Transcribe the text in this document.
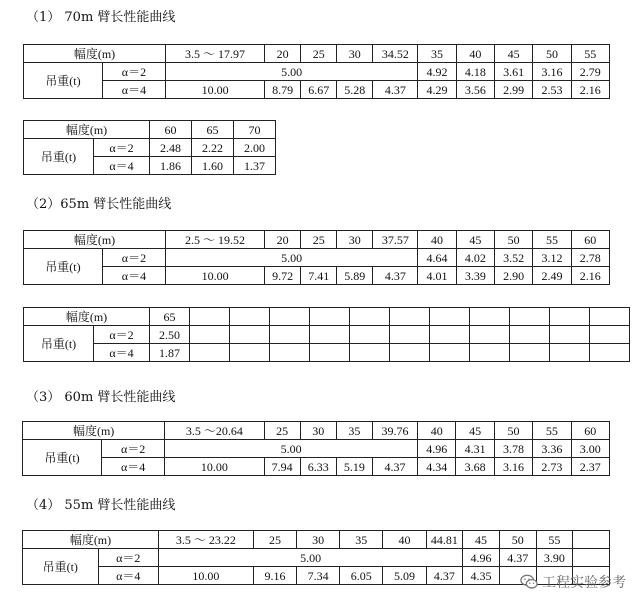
（1） 70m 臂长性能曲线
（2）65m 臂长性能曲线
（3） 60m 臂长性能曲线
（4） 55m 臂长性能曲线
幅度(m)		3.5 ～ 17.97	20	25	30	34.52	35	40	45	50	55
吊重(t)	α＝2	5.00					4.92	4.18	3.61	3.16	2.79
	α＝4	10.00	8.79	6.67	5.28	4.37	4.29	3.56	2.99	2.53	2.16
幅度(m)		60	65	70
吊重(t)	α＝2	2.48	2.22	2.00
	α＝4	1.86	1.60	1.37
幅度(m)		2.5 ～ 19.52	20	25	30	37.57	40	45	50	55	60
吊重(t)	α＝2	5.00					4.64	4.02	3.52	3.12	2.78
	α＝4	10.00	9.72	7.41	5.89	4.37	4.01	3.39	2.90	2.49	2.16
幅度(m)		65											
吊重(t)	α＝2	2.50											
	α＝4	1.87											
幅度(m)		3.5 ～20.64	25	30	35	39.76	40	45	50	55	60
吊重(t)	α＝2	5.00					4.96	4.31	3.78	3.36	3.00
	α＝4	10.00	7.94	6.33	5.19	4.37	4.34	3.68	3.16	2.73	2.37
幅度(m)		3.5 ～ 23.22	25	30	35	40	44.81	45	50	55	
吊重(t)	α＝2	5.00						4.96	4.37	3.90	
	α＝4	10.00	9.16	7.34	6.05	5.09	4.37	4.35				工程实验参考
